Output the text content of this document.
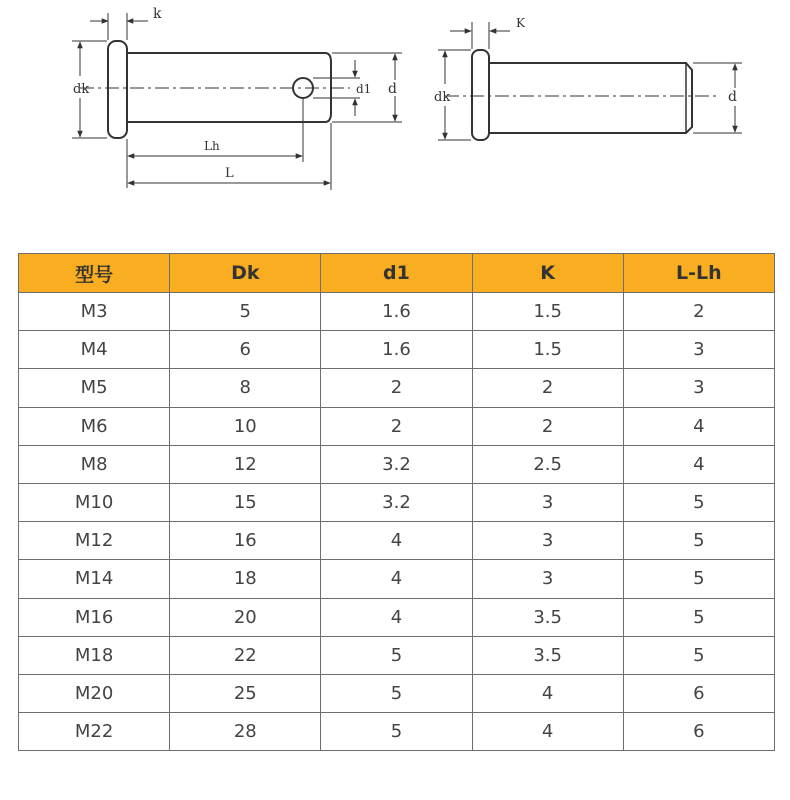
k
dk	d1 d
Lh
L
K
dk	d
型号	Dk	d1	K	L-Lh
M3	5	1.6	1.5	2
M4	6	1.6	1.5	3
M5	8	2	2	3
M6	10	2	2	4
M8	12	3.2	2.5	4
M10	15	3.2	3	5
M12	16	4	3	5
M14	18	4	3	5
M16	20	4	3.5	5
M18	22	5	3.5	5
M20	25	5	4	6
M22	28	5	4	6
